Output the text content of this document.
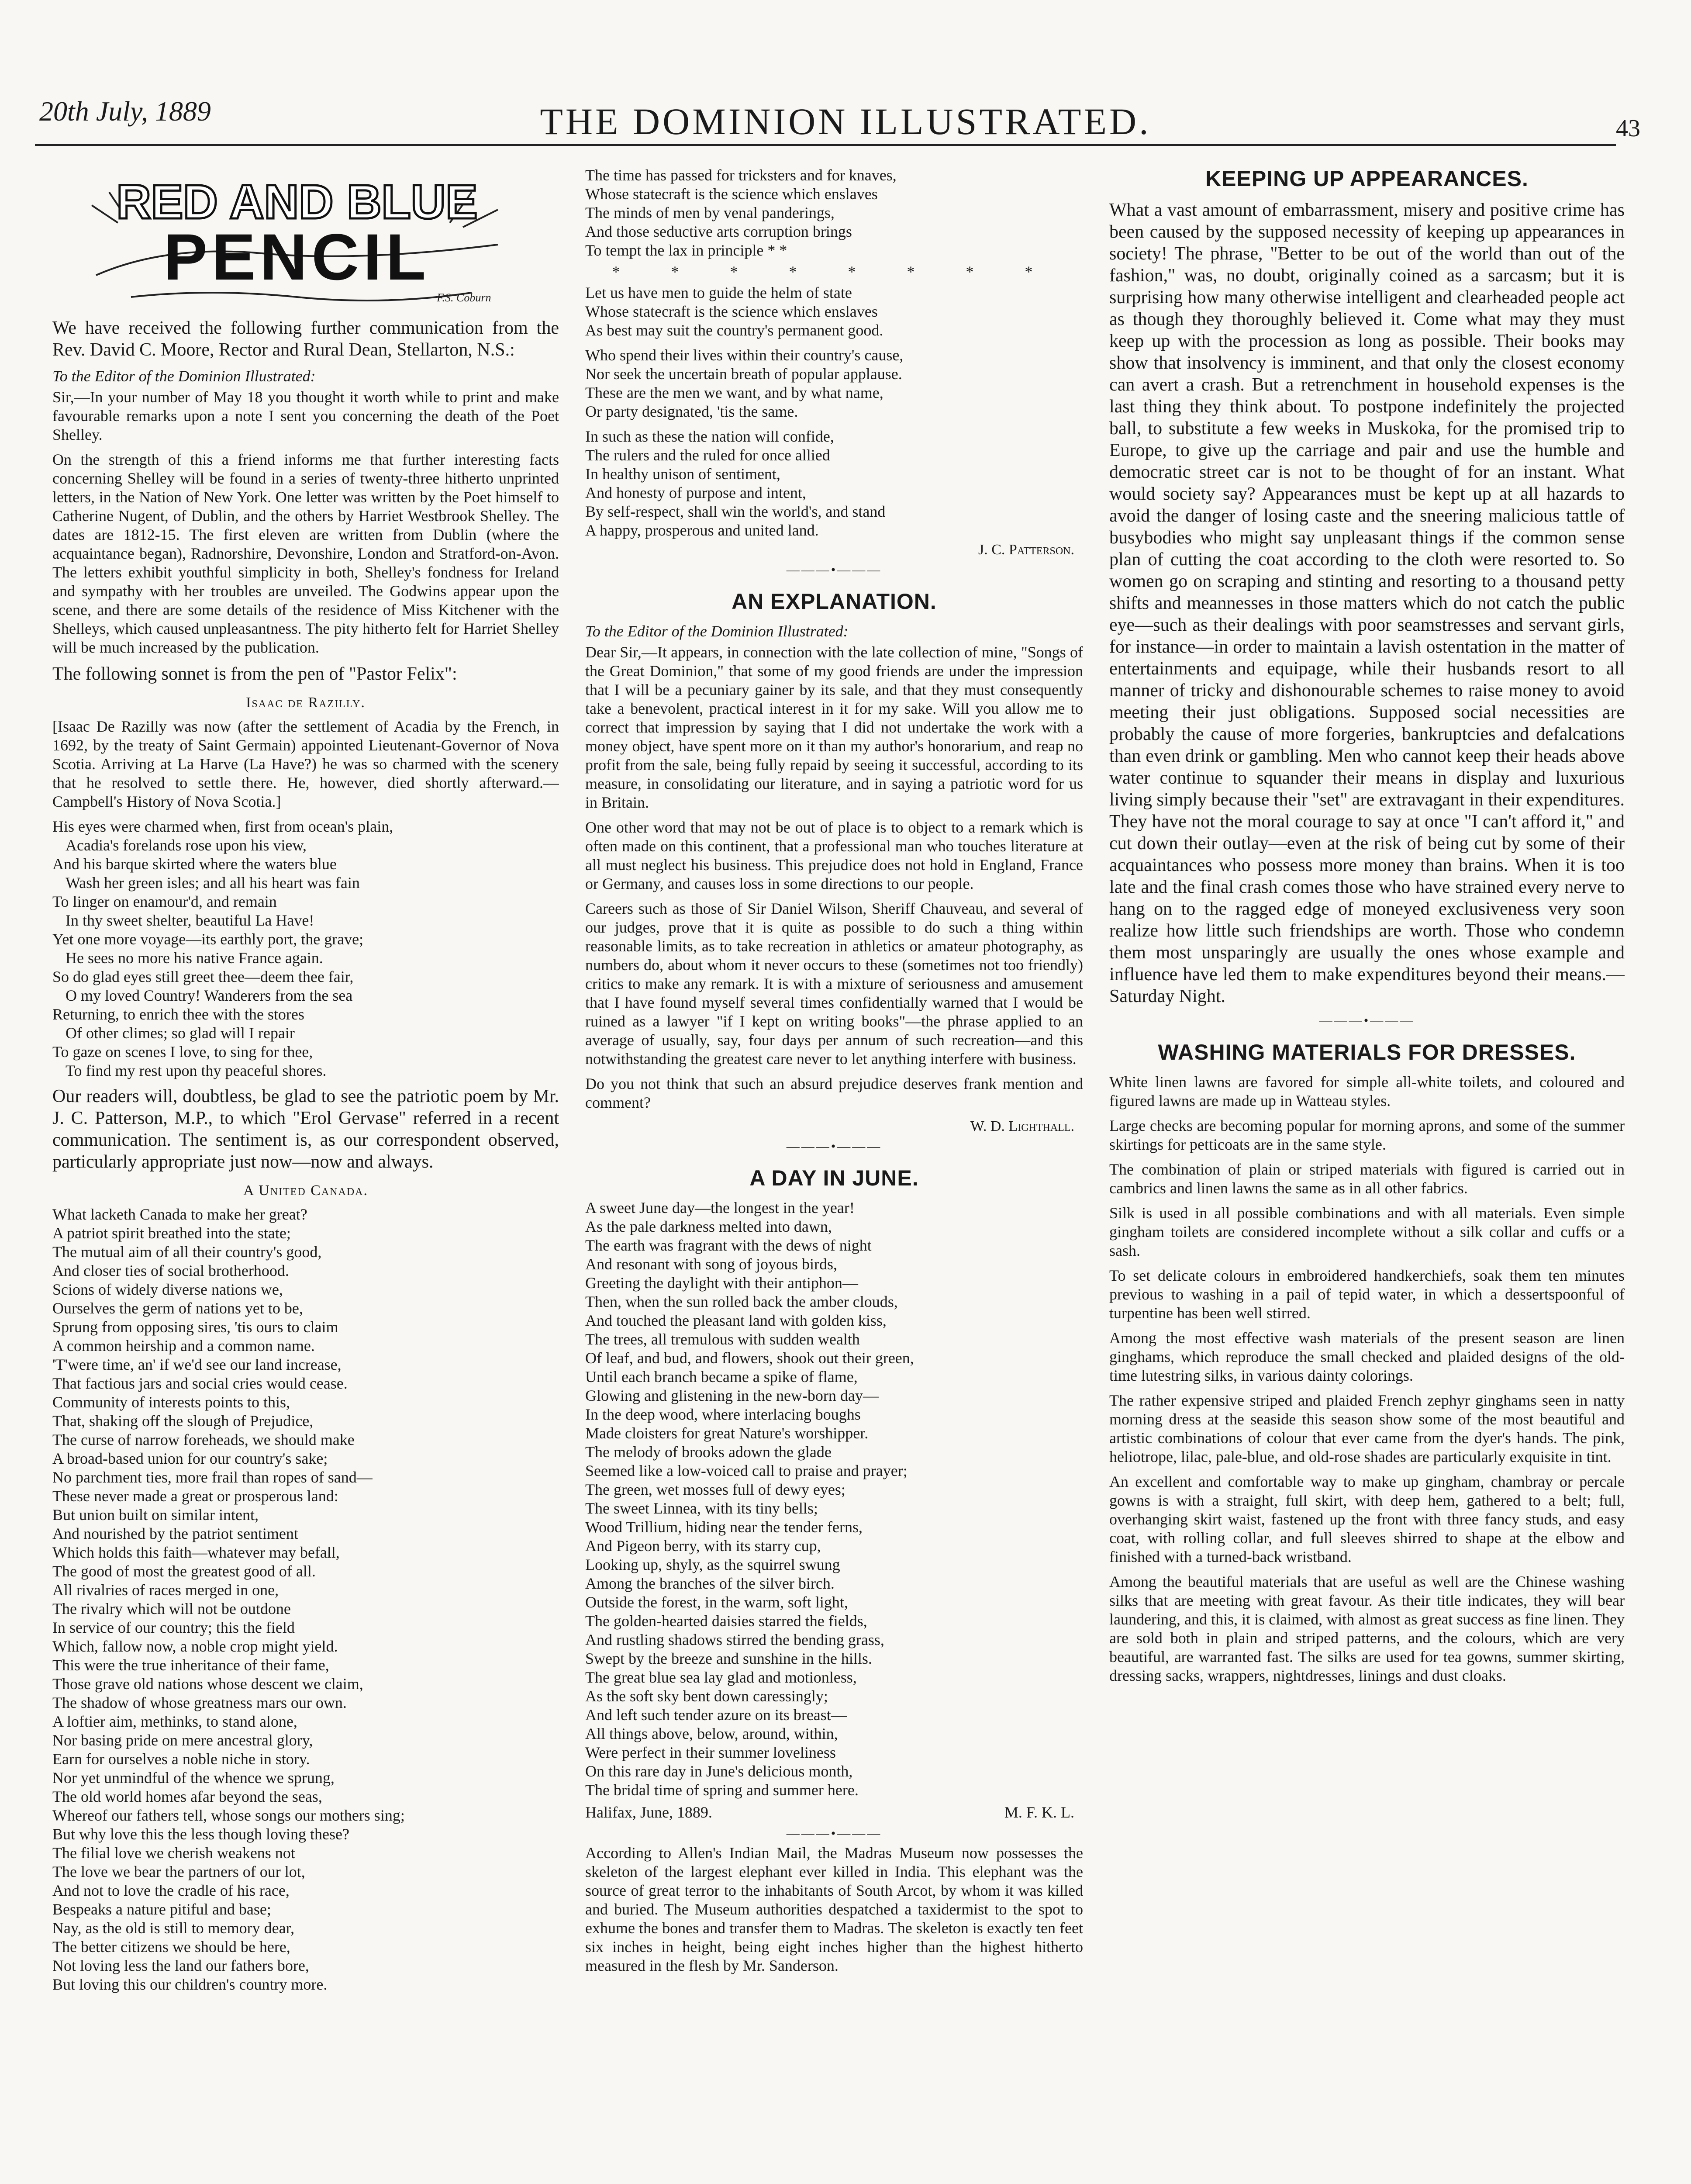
20th July, 1889	THE DOMINION ILLUSTRATED.	43
RED AND BLUE
PENCIL
F.S. Coburn

We have received the following further communication from the Rev. David C. Moore, Rector and Rural Dean, Stellarton, N.S.:

To the Editor of the Dominion Illustrated:

Sir,—In your number of May 18 you thought it worth while to print and make favourable remarks upon a note I sent you concerning the death of the Poet Shelley.

On the strength of this a friend informs me that further interesting facts concerning Shelley will be found in a series of twenty-three hitherto unprinted letters, in the Nation of New York. One letter was written by the Poet himself to Catherine Nugent, of Dublin, and the others by Harriet Westbrook Shelley. The dates are 1812-15. The first eleven are written from Dublin (where the acquaintance began), Radnorshire, Devonshire, London and Stratford-on-Avon. The letters exhibit youthful simplicity in both, Shelley's fondness for Ireland and sympathy with her troubles are unveiled. The Godwins appear upon the scene, and there are some details of the residence of Miss Kitchener with the Shelleys, which caused unpleasantness. The pity hitherto felt for Harriet Shelley will be much increased by the publication.

The following sonnet is from the pen of "Pastor Felix":

Isaac de Razilly.

[Isaac De Razilly was now (after the settlement of Acadia by the French, in 1692, by the treaty of Saint Germain) appointed Lieutenant-Governor of Nova Scotia. Arriving at La Harve (La Have?) he was so charmed with the scenery that he resolved to settle there. He, however, died shortly afterward.—Campbell's History of Nova Scotia.]

His eyes were charmed when, first from ocean's plain,
Acadia's forelands rose upon his view,
And his barque skirted where the waters blue
Wash her green isles; and all his heart was fain
To linger on enamour'd, and remain
In thy sweet shelter, beautiful La Have!
Yet one more voyage—its earthly port, the grave;
He sees no more his native France again.
So do glad eyes still greet thee—deem thee fair,
O my loved Country! Wanderers from the sea
Returning, to enrich thee with the stores
Of other climes; so glad will I repair
To gaze on scenes I love, to sing for thee,
To find my rest upon thy peaceful shores.

Our readers will, doubtless, be glad to see the patriotic poem by Mr. J. C. Patterson, M.P., to which "Erol Gervase" referred in a recent communication. The sentiment is, as our correspondent observed, particularly appropriate just now—now and always.

A United Canada.
What lacketh Canada to make her great?
A patriot spirit breathed into the state;
The mutual aim of all their country's good,
And closer ties of social brotherhood.
Scions of widely diverse nations we,
Ourselves the germ of nations yet to be,
Sprung from opposing sires, 'tis ours to claim
A common heirship and a common name.
'T'were time, an' if we'd see our land increase,
That factious jars and social cries would cease.
Community of interests points to this,
That, shaking off the slough of Prejudice,
The curse of narrow foreheads, we should make
A broad-based union for our country's sake;
No parchment ties, more frail than ropes of sand—
These never made a great or prosperous land:
But union built on similar intent,
And nourished by the patriot sentiment
Which holds this faith—whatever may befall,
The good of most the greatest good of all.
All rivalries of races merged in one,
The rivalry which will not be outdone
In service of our country; this the field
Which, fallow now, a noble crop might yield.
This were the true inheritance of their fame,
Those grave old nations whose descent we claim,
The shadow of whose greatness mars our own.
A loftier aim, methinks, to stand alone,
Nor basing pride on mere ancestral glory,
Earn for ourselves a noble niche in story.
Nor yet unmindful of the whence we sprung,
The old world homes afar beyond the seas,
Whereof our fathers tell, whose songs our mothers sing;
But why love this the less though loving these?
The filial love we cherish weakens not
The love we bear the partners of our lot,
And not to love the cradle of his race,
Bespeaks a nature pitiful and base;
Nay, as the old is still to memory dear,
The better citizens we should be here,
Not loving less the land our fathers bore,
But loving this our children's country more.
The time has passed for tricksters and for knaves,
Whose statecraft is the science which enslaves
The minds of men by venal panderings,
And those seductive arts corruption brings
To tempt the lax in principle * *
* * * * * * * *
Let us have men to guide the helm of state
Whose statecraft is the science which enslaves
As best may suit the country's permanent good.
Who spend their lives within their country's cause,
Nor seek the uncertain breath of popular applause.
These are the men we want, and by what name,
Or party designated, 'tis the same.
In such as these the nation will confide,
The rulers and the ruled for once allied
In healthy unison of sentiment,
And honesty of purpose and intent,
By self-respect, shall win the world's, and stand
A happy, prosperous and united land.
J. C. Patterson.
———•———
AN EXPLANATION.
To the Editor of the Dominion Illustrated:

Dear Sir,—It appears, in connection with the late collection of mine, "Songs of the Great Dominion," that some of my good friends are under the impression that I will be a pecuniary gainer by its sale, and that they must consequently take a benevolent, practical interest in it for my sake. Will you allow me to correct that impression by saying that I did not undertake the work with a money object, have spent more on it than my author's honorarium, and reap no profit from the sale, being fully repaid by seeing it successful, according to its measure, in consolidating our literature, and in saying a patriotic word for us in Britain.

One other word that may not be out of place is to object to a remark which is often made on this continent, that a professional man who touches literature at all must neglect his business. This prejudice does not hold in England, France or Germany, and causes loss in some directions to our people.

Careers such as those of Sir Daniel Wilson, Sheriff Chauveau, and several of our judges, prove that it is quite as possible to do such a thing within reasonable limits, as to take recreation in athletics or amateur photography, as numbers do, about whom it never occurs to these (sometimes not too friendly) critics to make any remark. It is with a mixture of seriousness and amusement that I have found myself several times confidentially warned that I would be ruined as a lawyer "if I kept on writing books"—the phrase applied to an average of usually, say, four days per annum of such recreation—and this notwithstanding the greatest care never to let anything interfere with business.

Do you not think that such an absurd prejudice deserves frank mention and comment?

W. D. Lighthall.
———•———
A DAY IN JUNE.
A sweet June day—the longest in the year!
As the pale darkness melted into dawn,
The earth was fragrant with the dews of night
And resonant with song of joyous birds,
Greeting the daylight with their antiphon—
Then, when the sun rolled back the amber clouds,
And touched the pleasant land with golden kiss,
The trees, all tremulous with sudden wealth
Of leaf, and bud, and flowers, shook out their green,
Until each branch became a spike of flame,
Glowing and glistening in the new-born day—
In the deep wood, where interlacing boughs
Made cloisters for great Nature's worshipper.
The melody of brooks adown the glade
Seemed like a low-voiced call to praise and prayer;
The green, wet mosses full of dewy eyes;
The sweet Linnea, with its tiny bells;
Wood Trillium, hiding near the tender ferns,
And Pigeon berry, with its starry cup,
Looking up, shyly, as the squirrel swung
Among the branches of the silver birch.
Outside the forest, in the warm, soft light,
The golden-hearted daisies starred the fields,
And rustling shadows stirred the bending grass,
Swept by the breeze and sunshine in the hills.
The great blue sea lay glad and motionless,
As the soft sky bent down caressingly;
And left such tender azure on its breast—
All things above, below, around, within,
Were perfect in their summer loveliness
On this rare day in June's delicious month,
The bridal time of spring and summer here.
Halifax, June, 1889.	M. F. K. L.
———•———

According to Allen's Indian Mail, the Madras Museum now possesses the skeleton of the largest elephant ever killed in India. This elephant was the source of great terror to the inhabitants of South Arcot, by whom it was killed and buried. The Museum authorities despatched a taxidermist to the spot to exhume the bones and transfer them to Madras. The skeleton is exactly ten feet six inches in height, being eight inches higher than the highest hitherto measured in the flesh by Mr. Sanderson.

KEEPING UP APPEARANCES.

What a vast amount of embarrassment, misery and positive crime has been caused by the supposed necessity of keeping up appearances in society! The phrase, "Better to be out of the world than out of the fashion," was, no doubt, originally coined as a sarcasm; but it is surprising how many otherwise intelligent and clearheaded people act as though they thoroughly believed it. Come what may they must keep up with the procession as long as possible. Their books may show that insolvency is imminent, and that only the closest economy can avert a crash. But a retrenchment in household expenses is the last thing they think about. To postpone indefinitely the projected ball, to substitute a few weeks in Muskoka, for the promised trip to Europe, to give up the carriage and pair and use the humble and democratic street car is not to be thought of for an instant. What would society say? Appearances must be kept up at all hazards to avoid the danger of losing caste and the sneering malicious tattle of busybodies who might say unpleasant things if the common sense plan of cutting the coat according to the cloth were resorted to. So women go on scraping and stinting and resorting to a thousand petty shifts and meannesses in those matters which do not catch the public eye—such as their dealings with poor seamstresses and servant girls, for instance—in order to maintain a lavish ostentation in the matter of entertainments and equipage, while their husbands resort to all manner of tricky and dishonourable schemes to raise money to avoid meeting their just obligations. Supposed social necessities are probably the cause of more forgeries, bankruptcies and defalcations than even drink or gambling. Men who cannot keep their heads above water continue to squander their means in display and luxurious living simply because their "set" are extravagant in their expenditures. They have not the moral courage to say at once "I can't afford it," and cut down their outlay—even at the risk of being cut by some of their acquaintances who possess more money than brains. When it is too late and the final crash comes those who have strained every nerve to hang on to the ragged edge of moneyed exclusiveness very soon realize how little such friendships are worth. Those who condemn them most unsparingly are usually the ones whose example and influence have led them to make expenditures beyond their means.—Saturday Night.

———•———
WASHING MATERIALS FOR DRESSES.

White linen lawns are favored for simple all-white toilets, and coloured and figured lawns are made up in Watteau styles.

Large checks are becoming popular for morning aprons, and some of the summer skirtings for petticoats are in the same style.

The combination of plain or striped materials with figured is carried out in cambrics and linen lawns the same as in all other fabrics.

Silk is used in all possible combinations and with all materials. Even simple gingham toilets are considered incomplete without a silk collar and cuffs or a sash.

To set delicate colours in embroidered handkerchiefs, soak them ten minutes previous to washing in a pail of tepid water, in which a dessertspoonful of turpentine has been well stirred.

Among the most effective wash materials of the present season are linen ginghams, which reproduce the small checked and plaided designs of the old-time lutestring silks, in various dainty colorings.

The rather expensive striped and plaided French zephyr ginghams seen in natty morning dress at the seaside this season show some of the most beautiful and artistic combinations of colour that ever came from the dyer's hands. The pink, heliotrope, lilac, pale-blue, and old-rose shades are particularly exquisite in tint.

An excellent and comfortable way to make up gingham, chambray or percale gowns is with a straight, full skirt, with deep hem, gathered to a belt; full, overhanging skirt waist, fastened up the front with three fancy studs, and easy coat, with rolling collar, and full sleeves shirred to shape at the elbow and finished with a turned-back wristband.

Among the beautiful materials that are useful as well are the Chinese washing silks that are meeting with great favour. As their title indicates, they will bear laundering, and this, it is claimed, with almost as great success as fine linen. They are sold both in plain and striped patterns, and the colours, which are very beautiful, are warranted fast. The silks are used for tea gowns, summer skirting, dressing sacks, wrappers, nightdresses, linings and dust cloaks.
